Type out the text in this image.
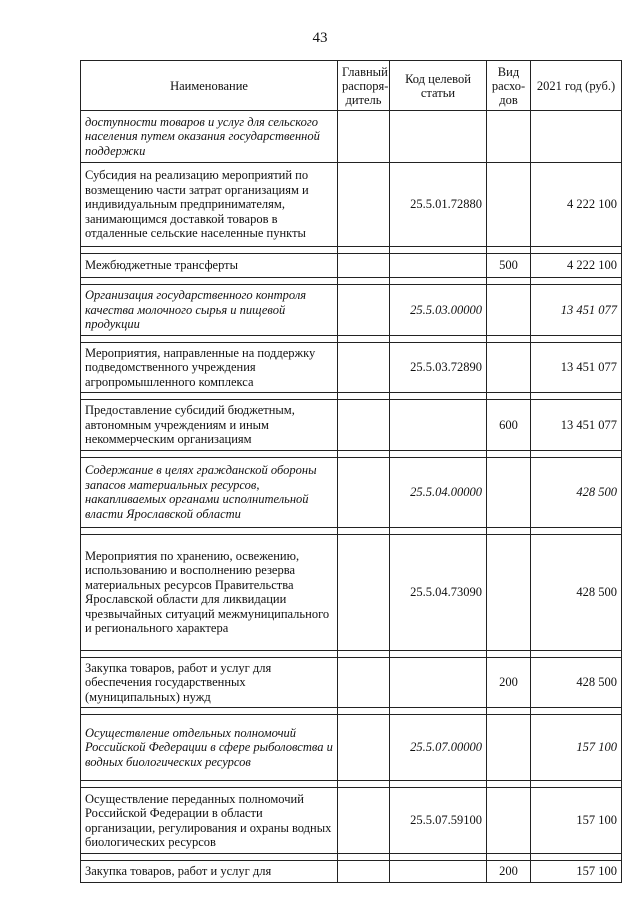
43
Наименование	Главный распоря-дитель	Код целевой статьи	Вид расхо-дов	2021 год (руб.)
доступности товаров и услуг для сельского населения путем оказания государственной поддержки				
Субсидия на реализацию мероприятий по возмещению части затрат организациям и индивидуальным предпринимателям, занимающимся доставкой товаров в отдаленные сельские населенные пункты		25.5.01.72880		4 222 100

Межбюджетные трансферты			500	4 222 100

Организация государственного контроля качества молочного сырья и пищевой продукции		25.5.03.00000		13 451 077

Мероприятия, направленные на поддержку подведомственного учреждения агропромышленного комплекса		25.5.03.72890		13 451 077

Предоставление субсидий бюджетным, автономным учреждениям и иным некоммерческим организациям			600	13 451 077

Содержание в целях гражданской обороны запасов материальных ресурсов, накапливаемых органами исполнительной власти Ярославской области		25.5.04.00000		428 500

Мероприятия по хранению, освежению, использованию и восполнению резерва материальных ресурсов Правительства Ярославской области для ликвидации чрезвычайных ситуаций межмуниципального и регионального характера		25.5.04.73090		428 500

Закупка товаров, работ и услуг для обеспечения государственных (муниципальных) нужд			200	428 500

Осуществление отдельных полномочий Российской Федерации в сфере рыболовства и водных биологических ресурсов		25.5.07.00000		157 100

Осуществление переданных полномочий Российской Федерации в области организации, регулирования и охраны водных биологических ресурсов		25.5.07.59100		157 100

Закупка товаров, работ и услуг для			200	157 100
